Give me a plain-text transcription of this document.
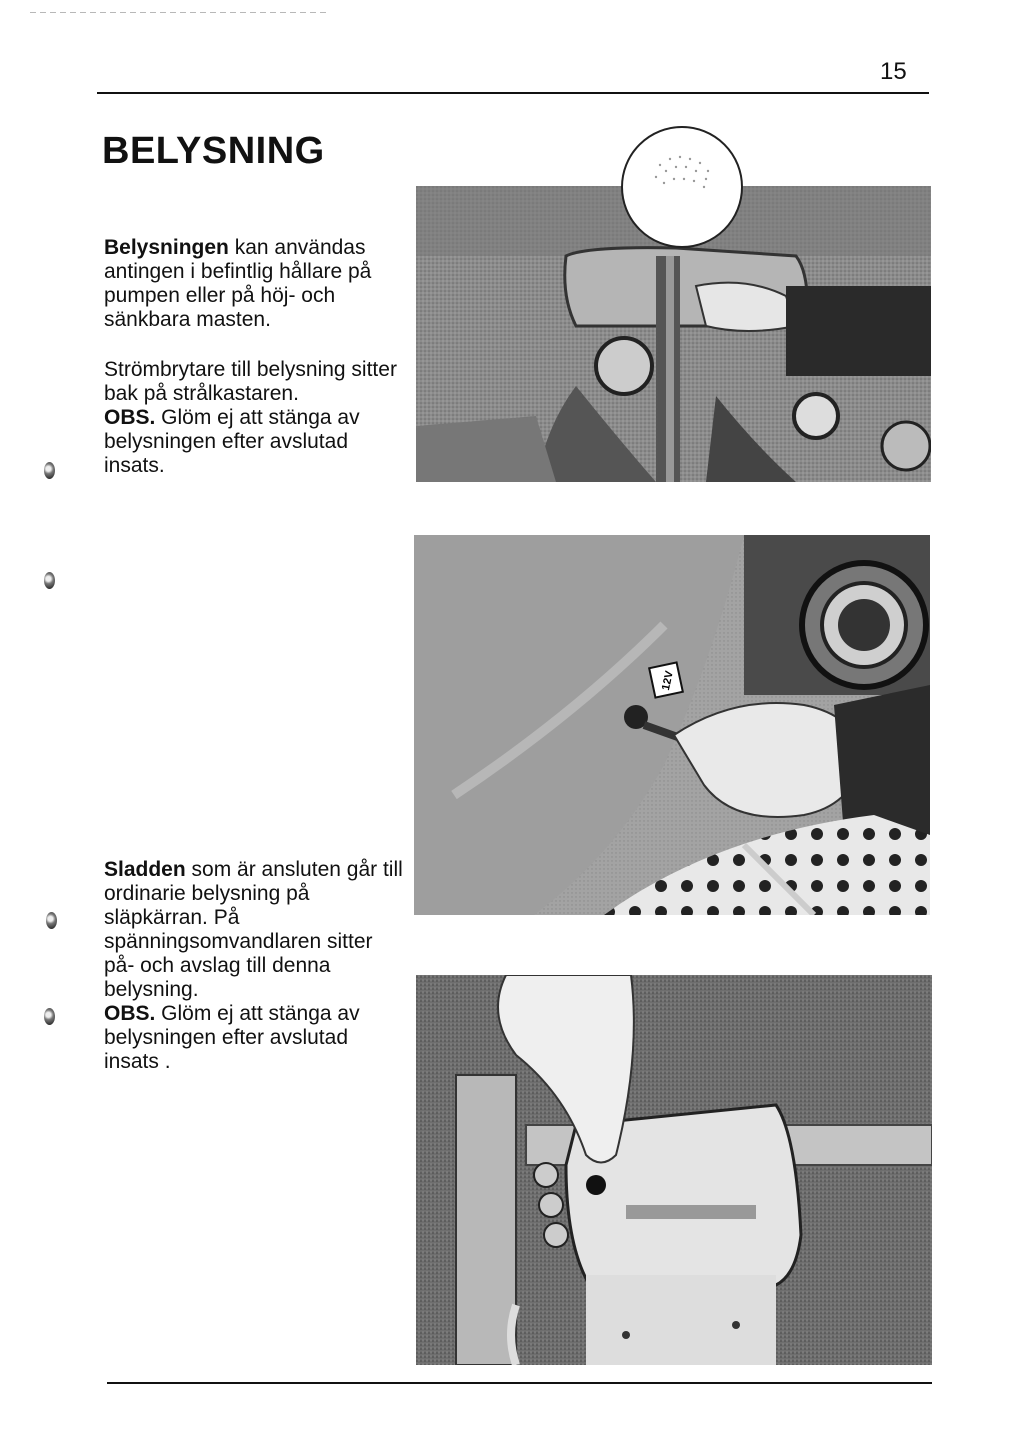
15
BELYSNING

Belysningen kan användas antingen i befintlig hållare på pumpen eller på höj- och sänkbara masten.

Strömbrytare till belysning sitter bak på strålkastaren.
OBS. Glöm ej att stänga av belysningen efter avslutad insats.

Sladden som är ansluten går till ordinarie belysning på släpkärran. På spänningsomvandlaren sitter på- och avslag till denna belysning.
OBS. Glöm ej att stänga av belysningen efter avslutad insats .

12V
